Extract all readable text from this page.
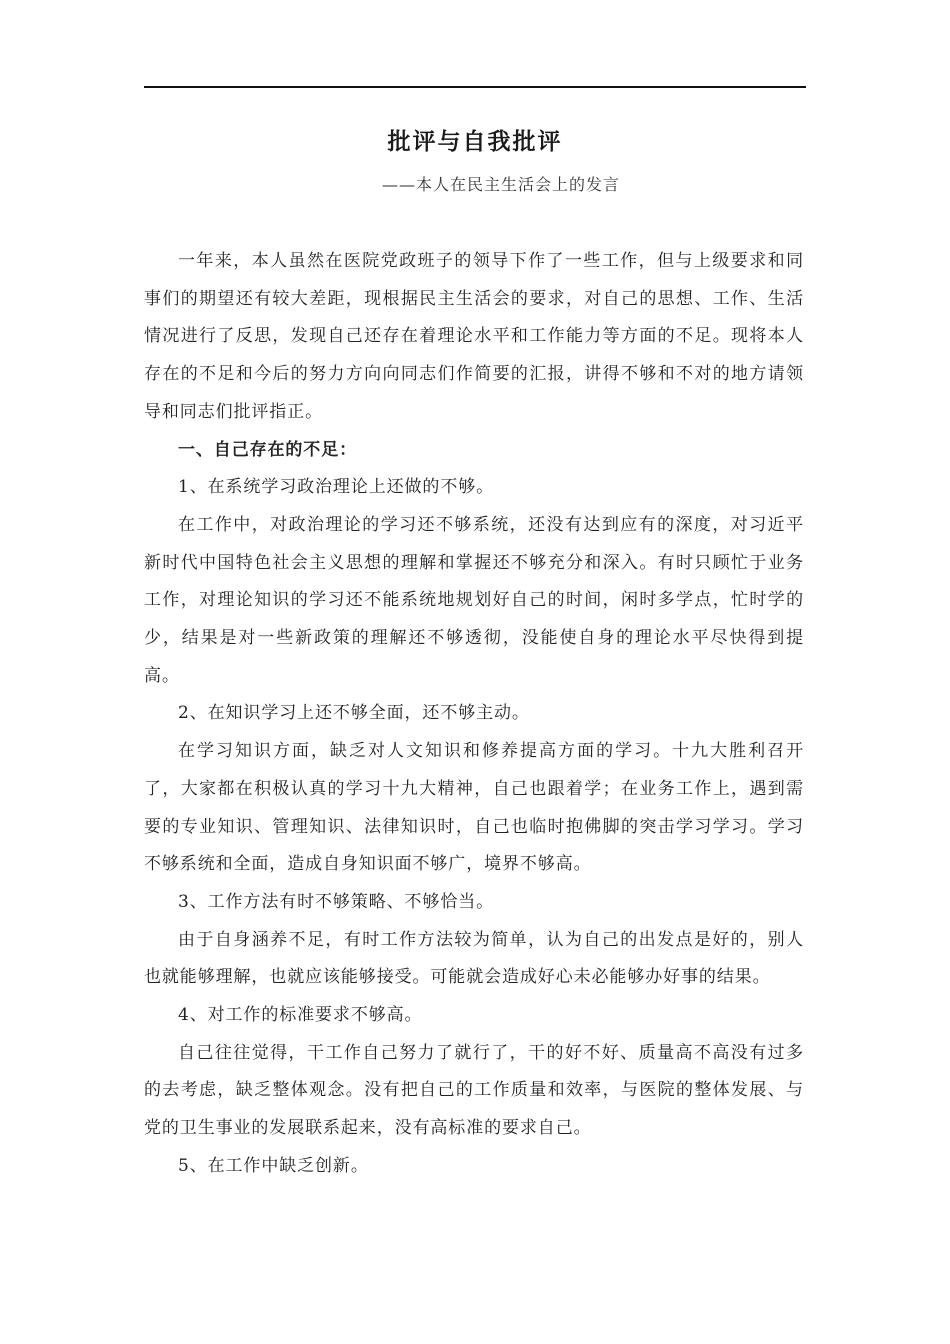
批评与自我批评
——本人在民主生活会上的发言

一年来，本人虽然在医院党政班子的领导下作了一些工作，但与上级要求和同事们的期望还有较大差距，现根据民主生活会的要求，对自己的思想、工作、生活情况进行了反思，发现自己还存在着理论水平和工作能力等方面的不足。现将本人存在的不足和今后的努力方向向同志们作简要的汇报，讲得不够和不对的地方请领导和同志们批评指正。

一、自己存在的不足：

1、在系统学习政治理论上还做的不够。

在工作中，对政治理论的学习还不够系统，还没有达到应有的深度，对习近平新时代中国特色社会主义思想的理解和掌握还不够充分和深入。有时只顾忙于业务工作，对理论知识的学习还不能系统地规划好自己的时间，闲时多学点，忙时学的少，结果是对一些新政策的理解还不够透彻，没能使自身的理论水平尽快得到提高。

2、在知识学习上还不够全面，还不够主动。

在学习知识方面，缺乏对人文知识和修养提高方面的学习。十九大胜利召开了，大家都在积极认真的学习十九大精神，自己也跟着学；在业务工作上，遇到需要的专业知识、管理知识、法律知识时，自己也临时抱佛脚的突击学习学习。学习不够系统和全面，造成自身知识面不够广，境界不够高。

3、工作方法有时不够策略、不够恰当。

由于自身涵养不足，有时工作方法较为简单，认为自己的出发点是好的，别人也就能够理解，也就应该能够接受。可能就会造成好心未必能够办好事的结果。

4、对工作的标准要求不够高。

自己往往觉得，干工作自己努力了就行了，干的好不好、质量高不高没有过多的去考虑，缺乏整体观念。没有把自己的工作质量和效率，与医院的整体发展、与党的卫生事业的发展联系起来，没有高标准的要求自己。

5、在工作中缺乏创新。
